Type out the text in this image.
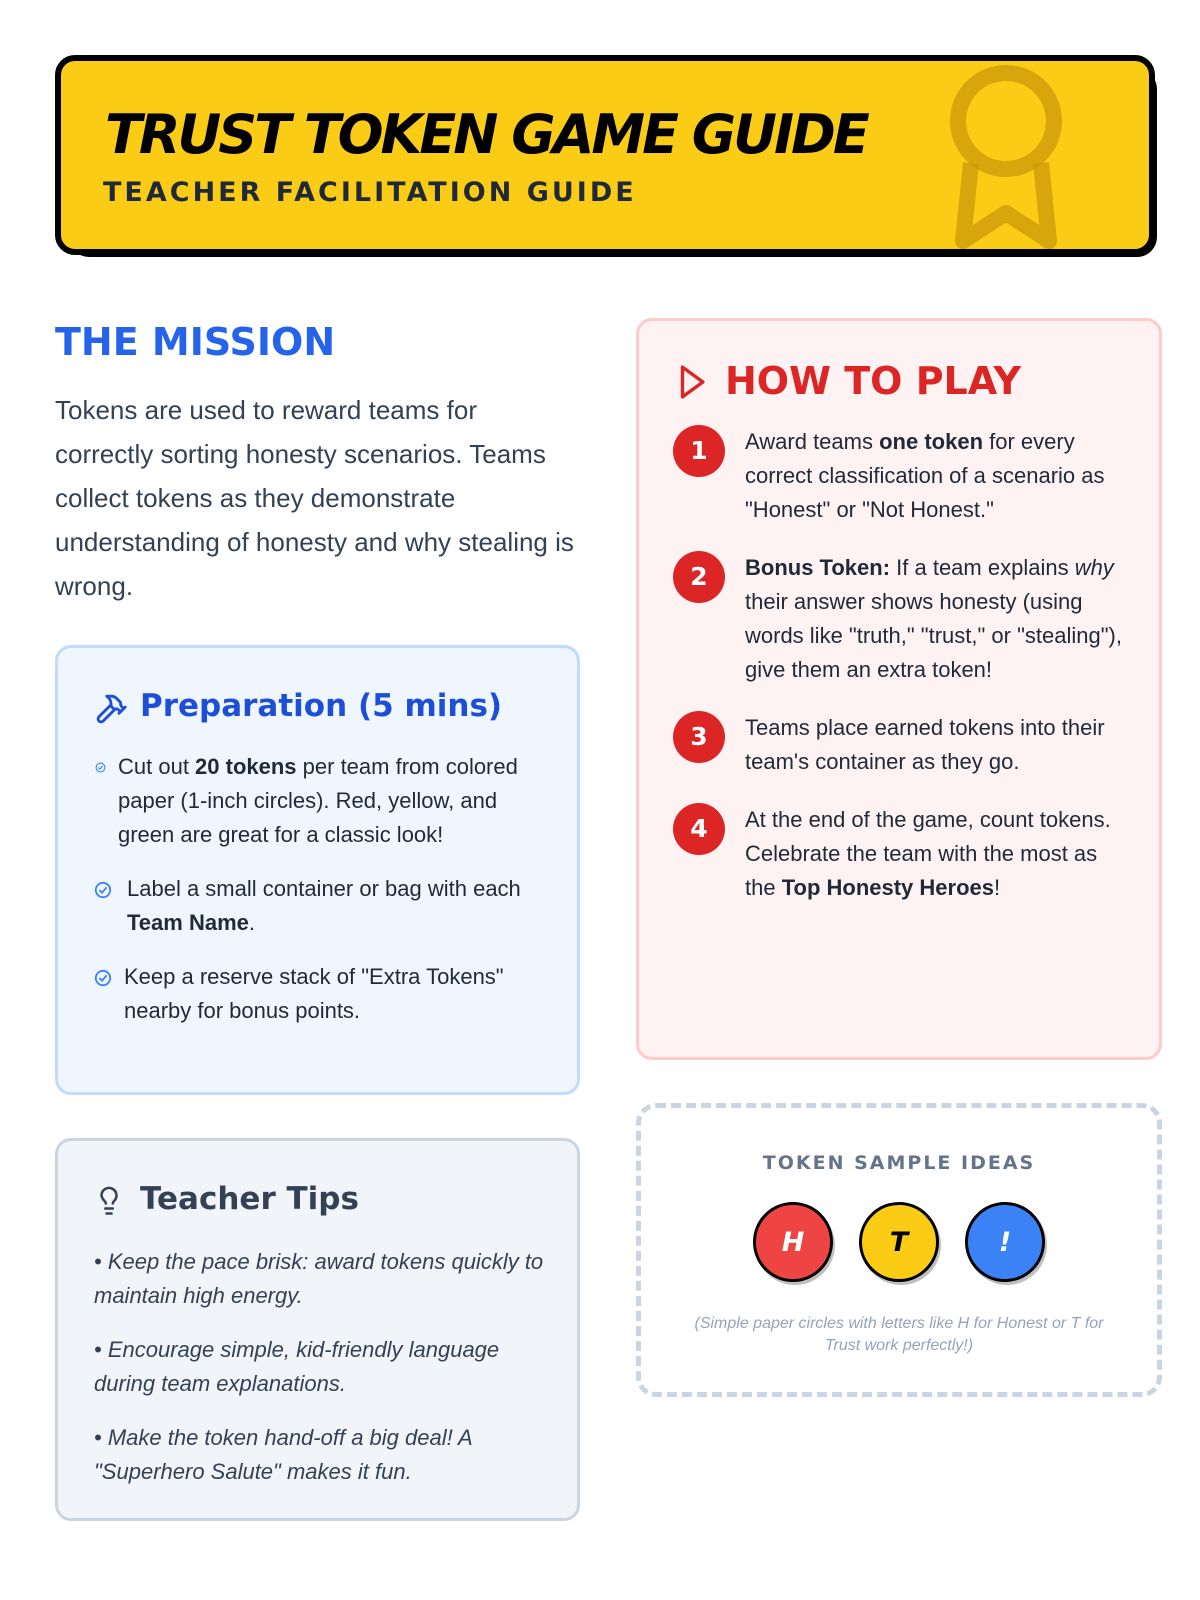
TRUST TOKEN GAME GUIDE
TEACHER FACILITATION GUIDE
THE MISSION
Tokens are used to reward teams for correctly sorting honesty scenarios. Teams collect tokens as they demonstrate understanding of honesty and why stealing is wrong.
Preparation (5 mins)
Cut out 20 tokens per team from colored paper (1-inch circles). Red, yellow, and green are great for a classic look!
Label a small container or bag with each Team Name.
Keep a reserve stack of "Extra Tokens" nearby for bonus points.
Teacher Tips
• Keep the pace brisk: award tokens quickly to maintain high energy.
• Encourage simple, kid-friendly language during team explanations.
• Make the token hand-off a big deal! A "Superhero Salute" makes it fun.
HOW TO PLAY
1	Award teams one token for every correct classification of a scenario as "Honest" or "Not Honest."
2	Bonus Token: If a team explains why their answer shows honesty (using words like "truth," "trust," or "stealing"), give them an extra token!
3	Teams place earned tokens into their team's container as they go.
4	At the end of the game, count tokens. Celebrate the team with the most as the Top Honesty Heroes!
TOKEN SAMPLE IDEAS
H	T	!
(Simple paper circles with letters like H for Honest or T for Trust work perfectly!)
